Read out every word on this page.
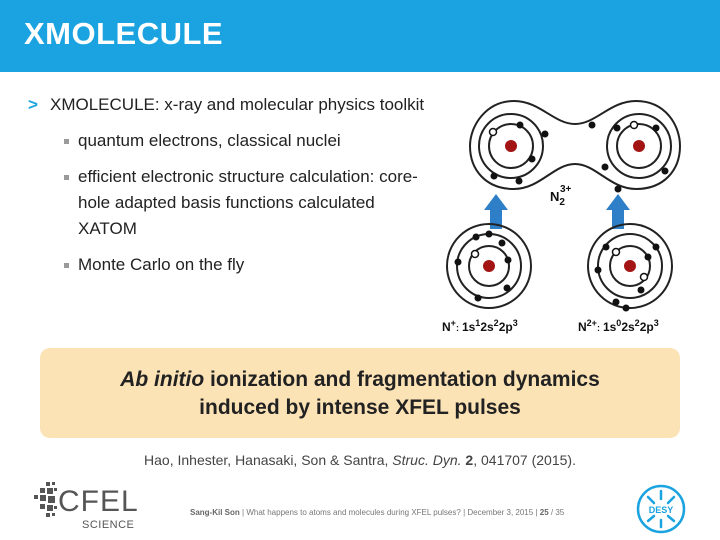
XMOLECULE
> XMOLECULE: x-ray and molecular physics toolkit
quantum electrons, classical nuclei
efficient electronic structure calculation: core-hole adapted basis functions calculated XATOM
Monte Carlo on the fly
$N_2$
3+
$N^+_:$ $1s^12s^22p^3$	$N^{2+}_:$ $1s^02s^22p^3$
Ab initio ionization and fragmentation dynamics
induced by intense XFEL pulses
Hao, Inhester, Hanasaki, Son & Santra, Struc. Dyn. 2, 041707 (2015).
CFEL
SCIENCE
Sang-Kil Son | What happens to atoms and molecules during XFEL pulses? | December 3, 2015 | 25 / 35	DESY
